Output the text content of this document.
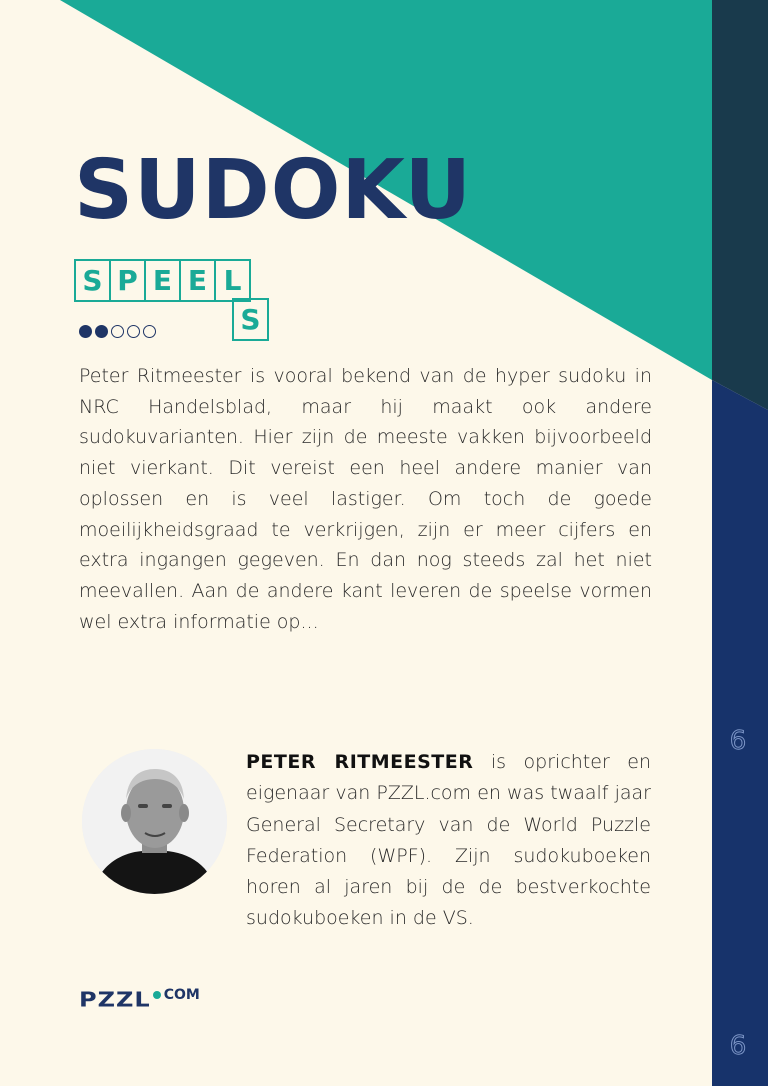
SUDOKU
S P E E L
S

Peter Ritmeester is vooral bekend van de hyper sudoku in NRC Handelsblad, maar hij maakt ook andere sudokuvarianten. Hier zijn de meeste vakken bijvoorbeeld niet vierkant. Dit vereist een heel andere manier van oplossen en is veel lastiger. Om toch de goede moeilijkheidsgraad te verkrijgen, zijn er meer cijfers en extra ingangen gegeven. En dan nog steeds zal het niet meevallen. Aan de andere kant leveren de speelse vormen wel extra informatie op...

PETER RITMEESTER is oprichter en eigenaar van PZZL.com en was twaalf jaar General Secretary van de World Puzzle Federation (WPF). Zijn sudokuboeken horen al jaren bij de de bestverkochte sudokuboeken in de VS.

PZZL COM
9
6
